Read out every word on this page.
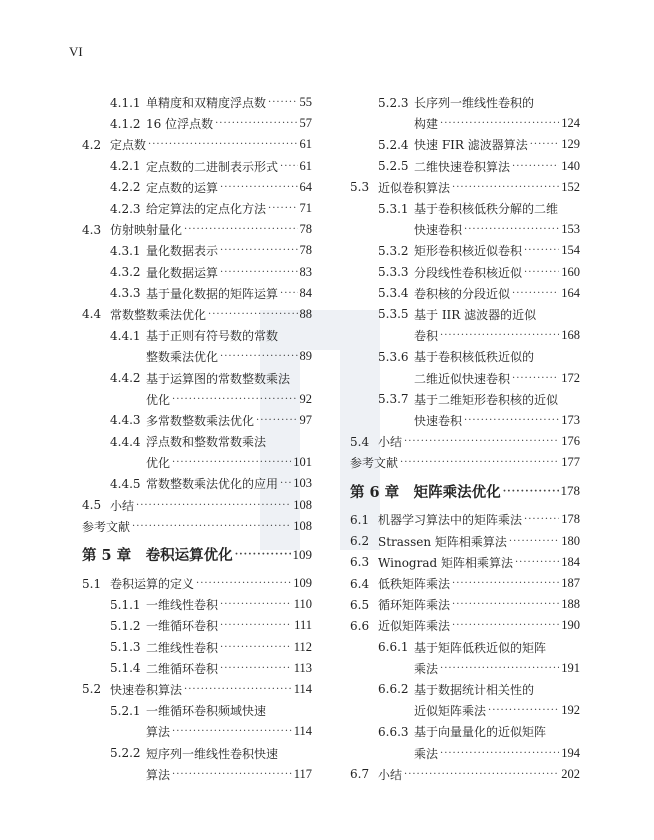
VI
4.1.1 单精度和双精度浮点数 ·····	55
4.1.2 16 位浮点数 ·····	57
4.2 定点数 ·····	61
4.2.1 定点数的二进制表示形式 ····· 61
4.2.2 定点数的运算 ·····	64
4.2.3 给定算法的定点化方法 ·····	71
4.3 仿射映射量化 ·····	78
4.3.1 量化数据表示 ·····	78
4.3.2 量化数据运算 ·····	83
4.3.3 基于量化数据的矩阵运算 ····· 84
4.4 常数整数乘法优化 ·····	88
4.4.1 基于正则有符号数的常数
整数乘法优化 ·····	89
4.4.2 基于运算图的常数整数乘法
优化 ·····	92
4.4.3 多常数整数乘法优化 ·····	97
4.4.4 浮点数和整数常数乘法
优化 ·····	101
4.4.5 常数整数乘法优化的应用 ····· 103
4.5 小结 ·····	108
参考文献 ·····	108
第 5 章　卷积运算优化 ·····	109
5.1 卷积运算的定义 ·····	109
5.1.1 一维线性卷积 ·····	110
5.1.2 一维循环卷积 ·····	111
5.1.3 二维线性卷积 ·····	112
5.1.4 二维循环卷积 ·····	113
5.2 快速卷积算法 ·····	114
5.2.1 一维循环卷积频域快速
算法 ·····	114
5.2.2 短序列一维线性卷积快速
算法 ·····	117
5.2.3 长序列一维线性卷积的
构建 ·····	124
5.2.4 快速 FIR 滤波器算法 ·····	129
5.2.5 二维快速卷积算法 ·····	140
5.3 近似卷积算法 ·····	152
5.3.1 基于卷积核低秩分解的二维
快速卷积 ·····	153
5.3.2 矩形卷积核近似卷积 ·····	154
5.3.3 分段线性卷积核近似 ·····	160
5.3.4 卷积核的分段近似 ·····	164
5.3.5 基于 IIR 滤波器的近似
卷积 ·····	168
5.3.6 基于卷积核低秩近似的
二维近似快速卷积 ·····	172
5.3.7 基于二维矩形卷积核的近似
快速卷积 ·····	173
5.4 小结 ·····	176
参考文献 ·····	177
第 6 章　矩阵乘法优化 ·····	178
6.1 机器学习算法中的矩阵乘法 ·····	178
6.2 Strassen 矩阵相乘算法 ·····	180
6.3 Winograd 矩阵相乘算法 ·····	184
6.4 低秩矩阵乘法 ·····	187
6.5 循环矩阵乘法 ·····	188
6.6 近似矩阵乘法 ·····	190
6.6.1 基于矩阵低秩近似的矩阵
乘法 ·····	191
6.6.2 基于数据统计相关性的
近似矩阵乘法 ·····	192
6.6.3 基于向量量化的近似矩阵
乘法 ·····	194
6.7 小结 ·····	202
